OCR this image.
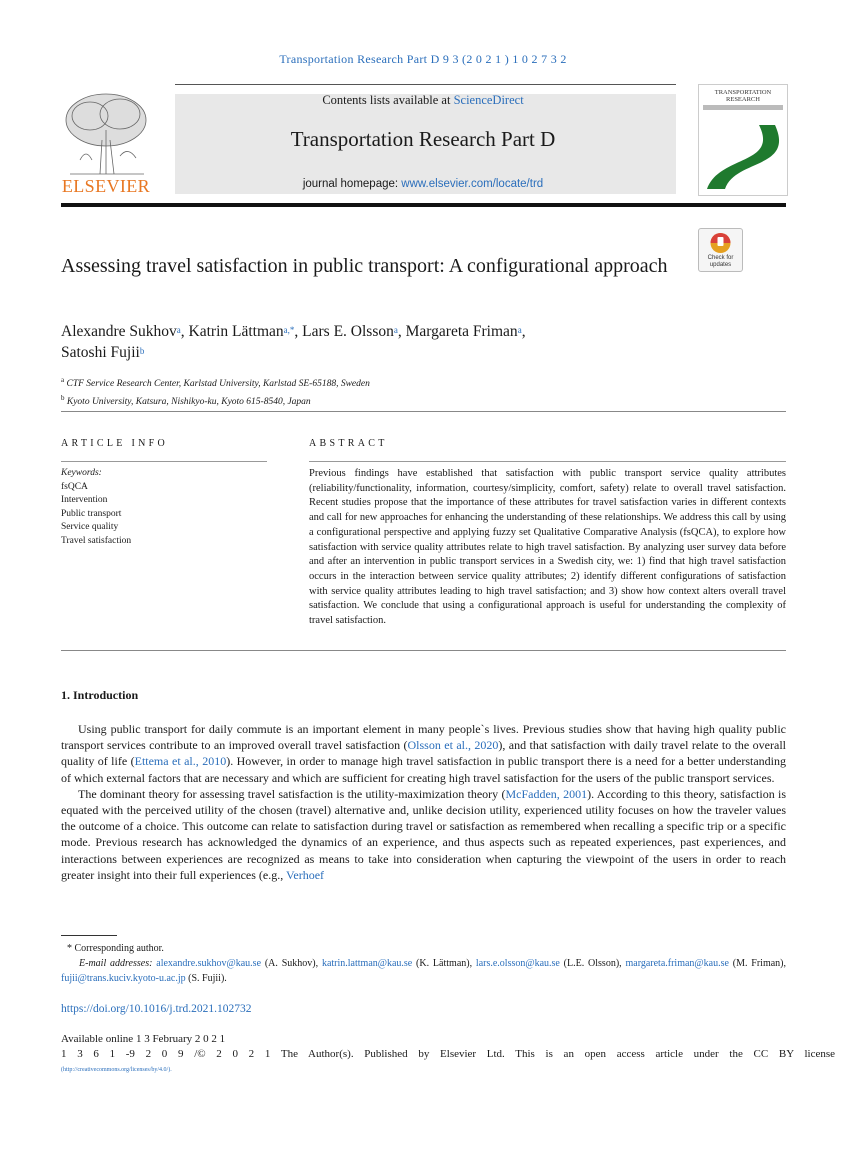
Transportation Research Part D 9 3 (2 0 2 1 ) 1 0 2 7 3 2
ELSEVIER
Contents lists available at ScienceDirect
Transportation Research Part D
journal homepage: www.elsevier.com/locate/trd
TRANSPORTATION RESEARCH
Check for updates
Assessing travel satisfaction in public transport: A configurational approach
Alexandre Sukhov$^a$, Katrin Lättman$^{a,*}$, Lars E. Olsson$^a$, Margareta Friman$^a$,
Satoshi Fujii$^b$
$^a$ CTF Service Research Center, Karlstad University, Karlstad SE-65188, Sweden
$^b$ Kyoto University, Katsura, Nishikyo-ku, Kyoto 615-8540, Japan
ARTICLE INFO	ABSTRACT
Keywords:
fsQCA
Intervention
Public transport
Service quality
Travel satisfaction
Previous findings have established that satisfaction with public transport service quality attributes (reliability/functionality, information, courtesy/simplicity, comfort, safety) relate to overall travel satisfaction. Recent studies propose that the importance of these attributes for travel satisfaction varies in different contexts and call for new approaches for enhancing the understanding of these relationships. We address this call by using a configurational perspective and applying fuzzy set Qualitative Comparative Analysis (fsQCA), to explore how satisfaction with service quality attributes relate to high travel satisfaction. By analyzing user survey data before and after an intervention in public transport services in a Swedish city, we: 1) find that high travel satisfaction occurs in the interaction between service quality attributes; 2) identify different configurations of satisfaction with service quality attributes leading to high travel satisfaction; and 3) show how context alters overall travel satisfaction. We conclude that using a configurational approach is useful for understanding the complexity of travel satisfaction.
1. Introduction

Using public transport for daily commute is an important element in many people`s lives. Previous studies show that having high quality public transport services contribute to an improved overall travel satisfaction (Olsson et al., 2020), and that satisfaction with daily travel relate to the overall quality of life (Ettema et al., 2010). However, in order to manage high travel satisfaction in public transport there is a need for a better understanding of which external factors that are necessary and which are sufficient for creating high travel satisfaction for the users of the public transport services.

The dominant theory for assessing travel satisfaction is the utility-maximization theory (McFadden, 2001). According to this theory, satisfaction is equated with the perceived utility of the chosen (travel) alternative and, unlike decision utility, experienced utility focuses on how the traveler values the outcome of a choice. This outcome can relate to satisfaction during travel or satisfaction as remembered when recalling a specific trip or a specific mode. Previous research has acknowledged the dynamics of an experience, and thus aspects such as repeated experiences, past experiences, and interactions between experiences are recognized as means to take into consideration when capturing the viewpoint of the users in order to reach greater insight into their full experiences (e.g., Verhoef

* Corresponding author.

E-mail addresses: alexandre.sukhov@kau.se (A. Sukhov), katrin.lattman@kau.se (K. Lättman), lars.e.olsson@kau.se (L.E. Olsson), margareta.friman@kau.se (M. Friman), fujii@trans.kuciv.kyoto-u.ac.jp (S. Fujii).

https://doi.org/10.1016/j.trd.2021.102732
Available online 1 3 February 2 0 2 1
1 3 6 1 -9 2 0 9 /© 2 0 2 1 The Author(s). Published by Elsevier Ltd. This is an open access article under the CC BY license
(http://creativecommons.org/licenses/by/4.0/).
